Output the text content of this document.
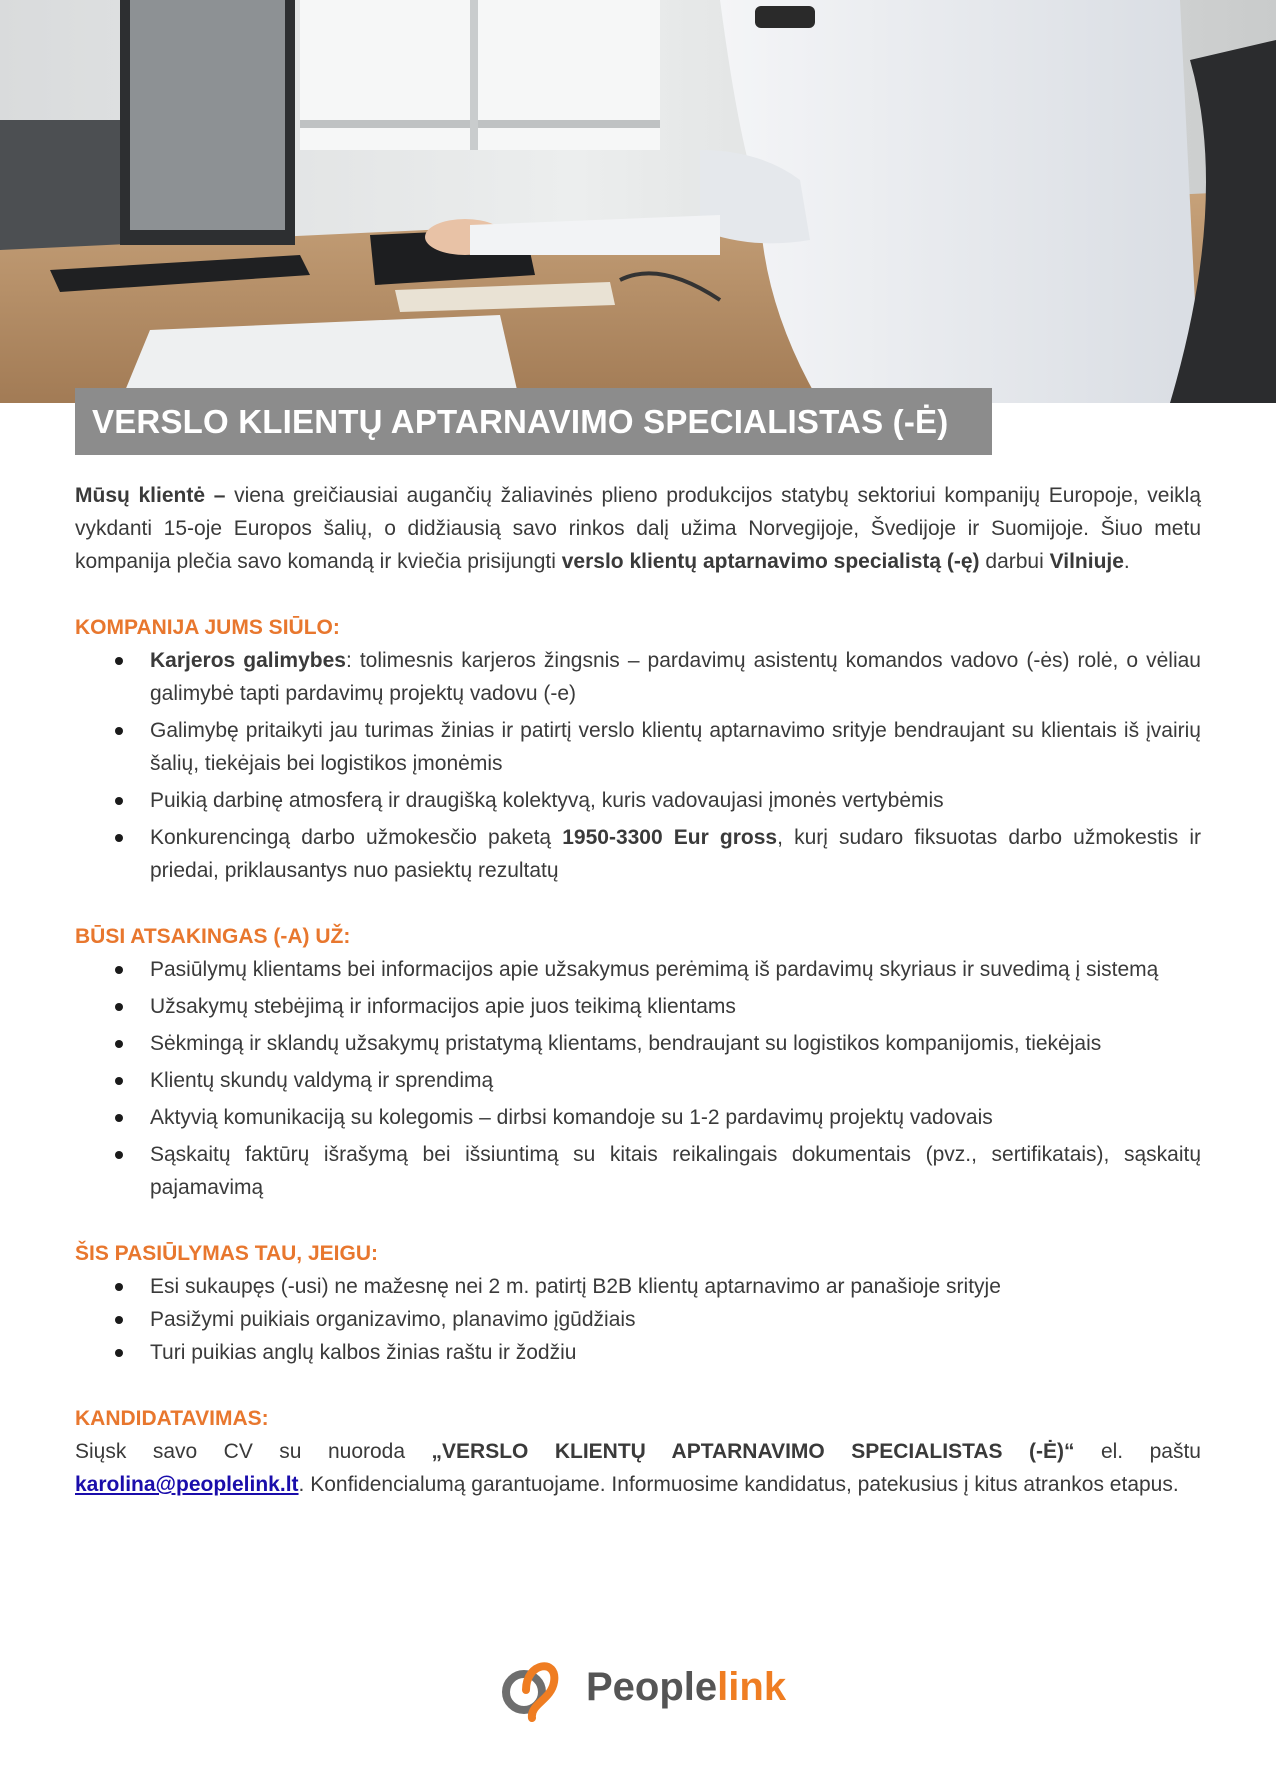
VERSLO KLIENTŲ APTARNAVIMO SPECIALISTAS (-Ė)

Mūsų klientė – viena greičiausiai augančių žaliavinės plieno produkcijos statybų sektoriui kompanijų Europoje, veiklą vykdanti 15-oje Europos šalių, o didžiausią savo rinkos dalį užima Norvegijoje, Švedijoje ir Suomijoje. Šiuo metu kompanija plečia savo komandą ir kviečia prisijungti verslo klientų aptarnavimo specialistą (-ę) darbui Vilniuje.

KOMPANIJA JUMS SIŪLO:
Karjeros galimybes: tolimesnis karjeros žingsnis – pardavimų asistentų komandos vadovo (-ės) rolė, o vėliau galimybė tapti pardavimų projektų vadovu (-e)
Galimybę pritaikyti jau turimas žinias ir patirtį verslo klientų aptarnavimo srityje bendraujant su klientais iš įvairių šalių, tiekėjais bei logistikos įmonėmis
Puikią darbinę atmosferą ir draugišką kolektyvą, kuris vadovaujasi įmonės vertybėmis
Konkurencingą darbo užmokesčio paketą 1950-3300 Eur gross, kurį sudaro fiksuotas darbo užmokestis ir priedai, priklausantys nuo pasiektų rezultatų
BŪSI ATSAKINGAS (-A) UŽ:
Pasiūlymų klientams bei informacijos apie užsakymus perėmimą iš pardavimų skyriaus ir suvedimą į sistemą
Užsakymų stebėjimą ir informacijos apie juos teikimą klientams
Sėkmingą ir sklandų užsakymų pristatymą klientams, bendraujant su logistikos kompanijomis, tiekėjais
Klientų skundų valdymą ir sprendimą
Aktyvią komunikaciją su kolegomis – dirbsi komandoje su 1-2 pardavimų projektų vadovais
Sąskaitų faktūrų išrašymą bei išsiuntimą su kitais reikalingais dokumentais (pvz., sertifikatais), sąskaitų pajamavimą
ŠIS PASIŪLYMAS TAU, JEIGU:
Esi sukaupęs (-usi) ne mažesnę nei 2 m. patirtį B2B klientų aptarnavimo ar panašioje srityje
Pasižymi puikiais organizavimo, planavimo įgūdžiais
Turi puikias anglų kalbos žinias raštu ir žodžiu
KANDIDATAVIMAS:

Siųsk savo CV su nuoroda „VERSLO KLIENTŲ APTARNAVIMO SPECIALISTAS (-Ė)“ el. paštu

karolina@peoplelink.lt. Konfidencialumą garantuojame. Informuosime kandidatus, patekusius į kitus atrankos etapus.

Peoplelink
